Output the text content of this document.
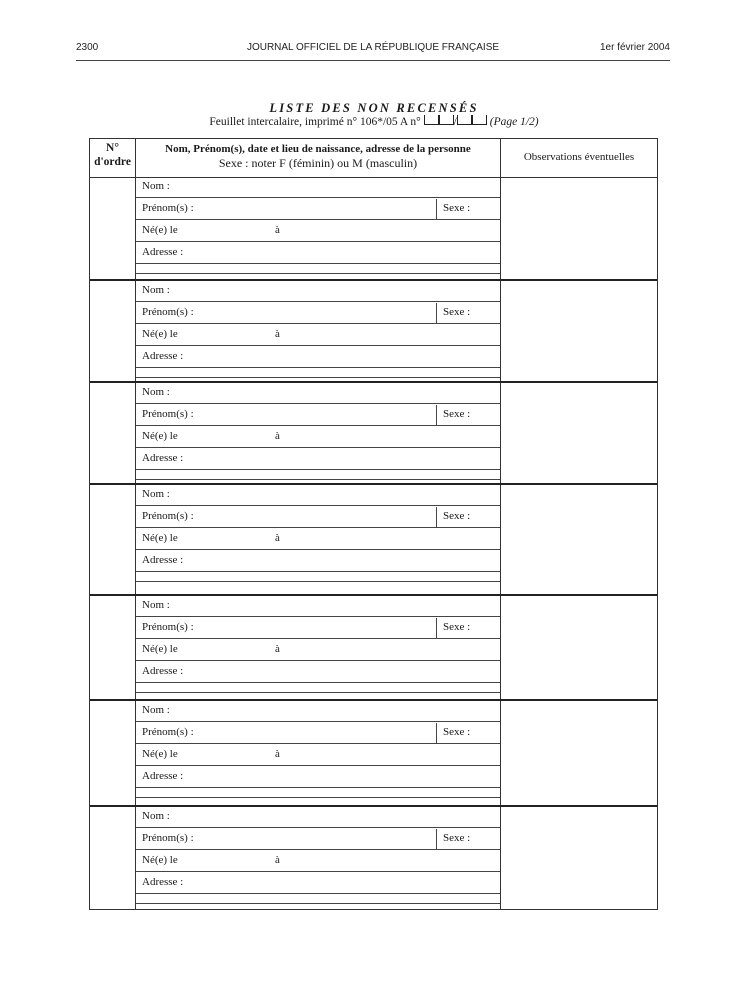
2300	JOURNAL OFFICIEL DE LA RÉPUBLIQUE FRANÇAISE	1er février 2004
LISTE DES NON RECENSÉS
Feuillet intercalaire, imprimé n° 106*/05 A n°	/	(Page 1/2)
N°
d'ordre
Nom, Prénom(s), date et lieu de naissance, adresse de la personne
Sexe : noter F (féminin) ou M (masculin)	Observations éventuelles
Nom :
Prénom(s) :	Sexe :
Né(e) le	à
Adresse :
Nom :
Prénom(s) :	Sexe :
Né(e) le	à
Adresse :
Nom :
Prénom(s) :	Sexe :
Né(e) le	à
Adresse :
Nom :
Prénom(s) :	Sexe :
Né(e) le	à
Adresse :
Nom :
Prénom(s) :	Sexe :
Né(e) le	à
Adresse :
Nom :
Prénom(s) :	Sexe :
Né(e) le	à
Adresse :
Nom :
Prénom(s) :	Sexe :
Né(e) le	à
Adresse :
